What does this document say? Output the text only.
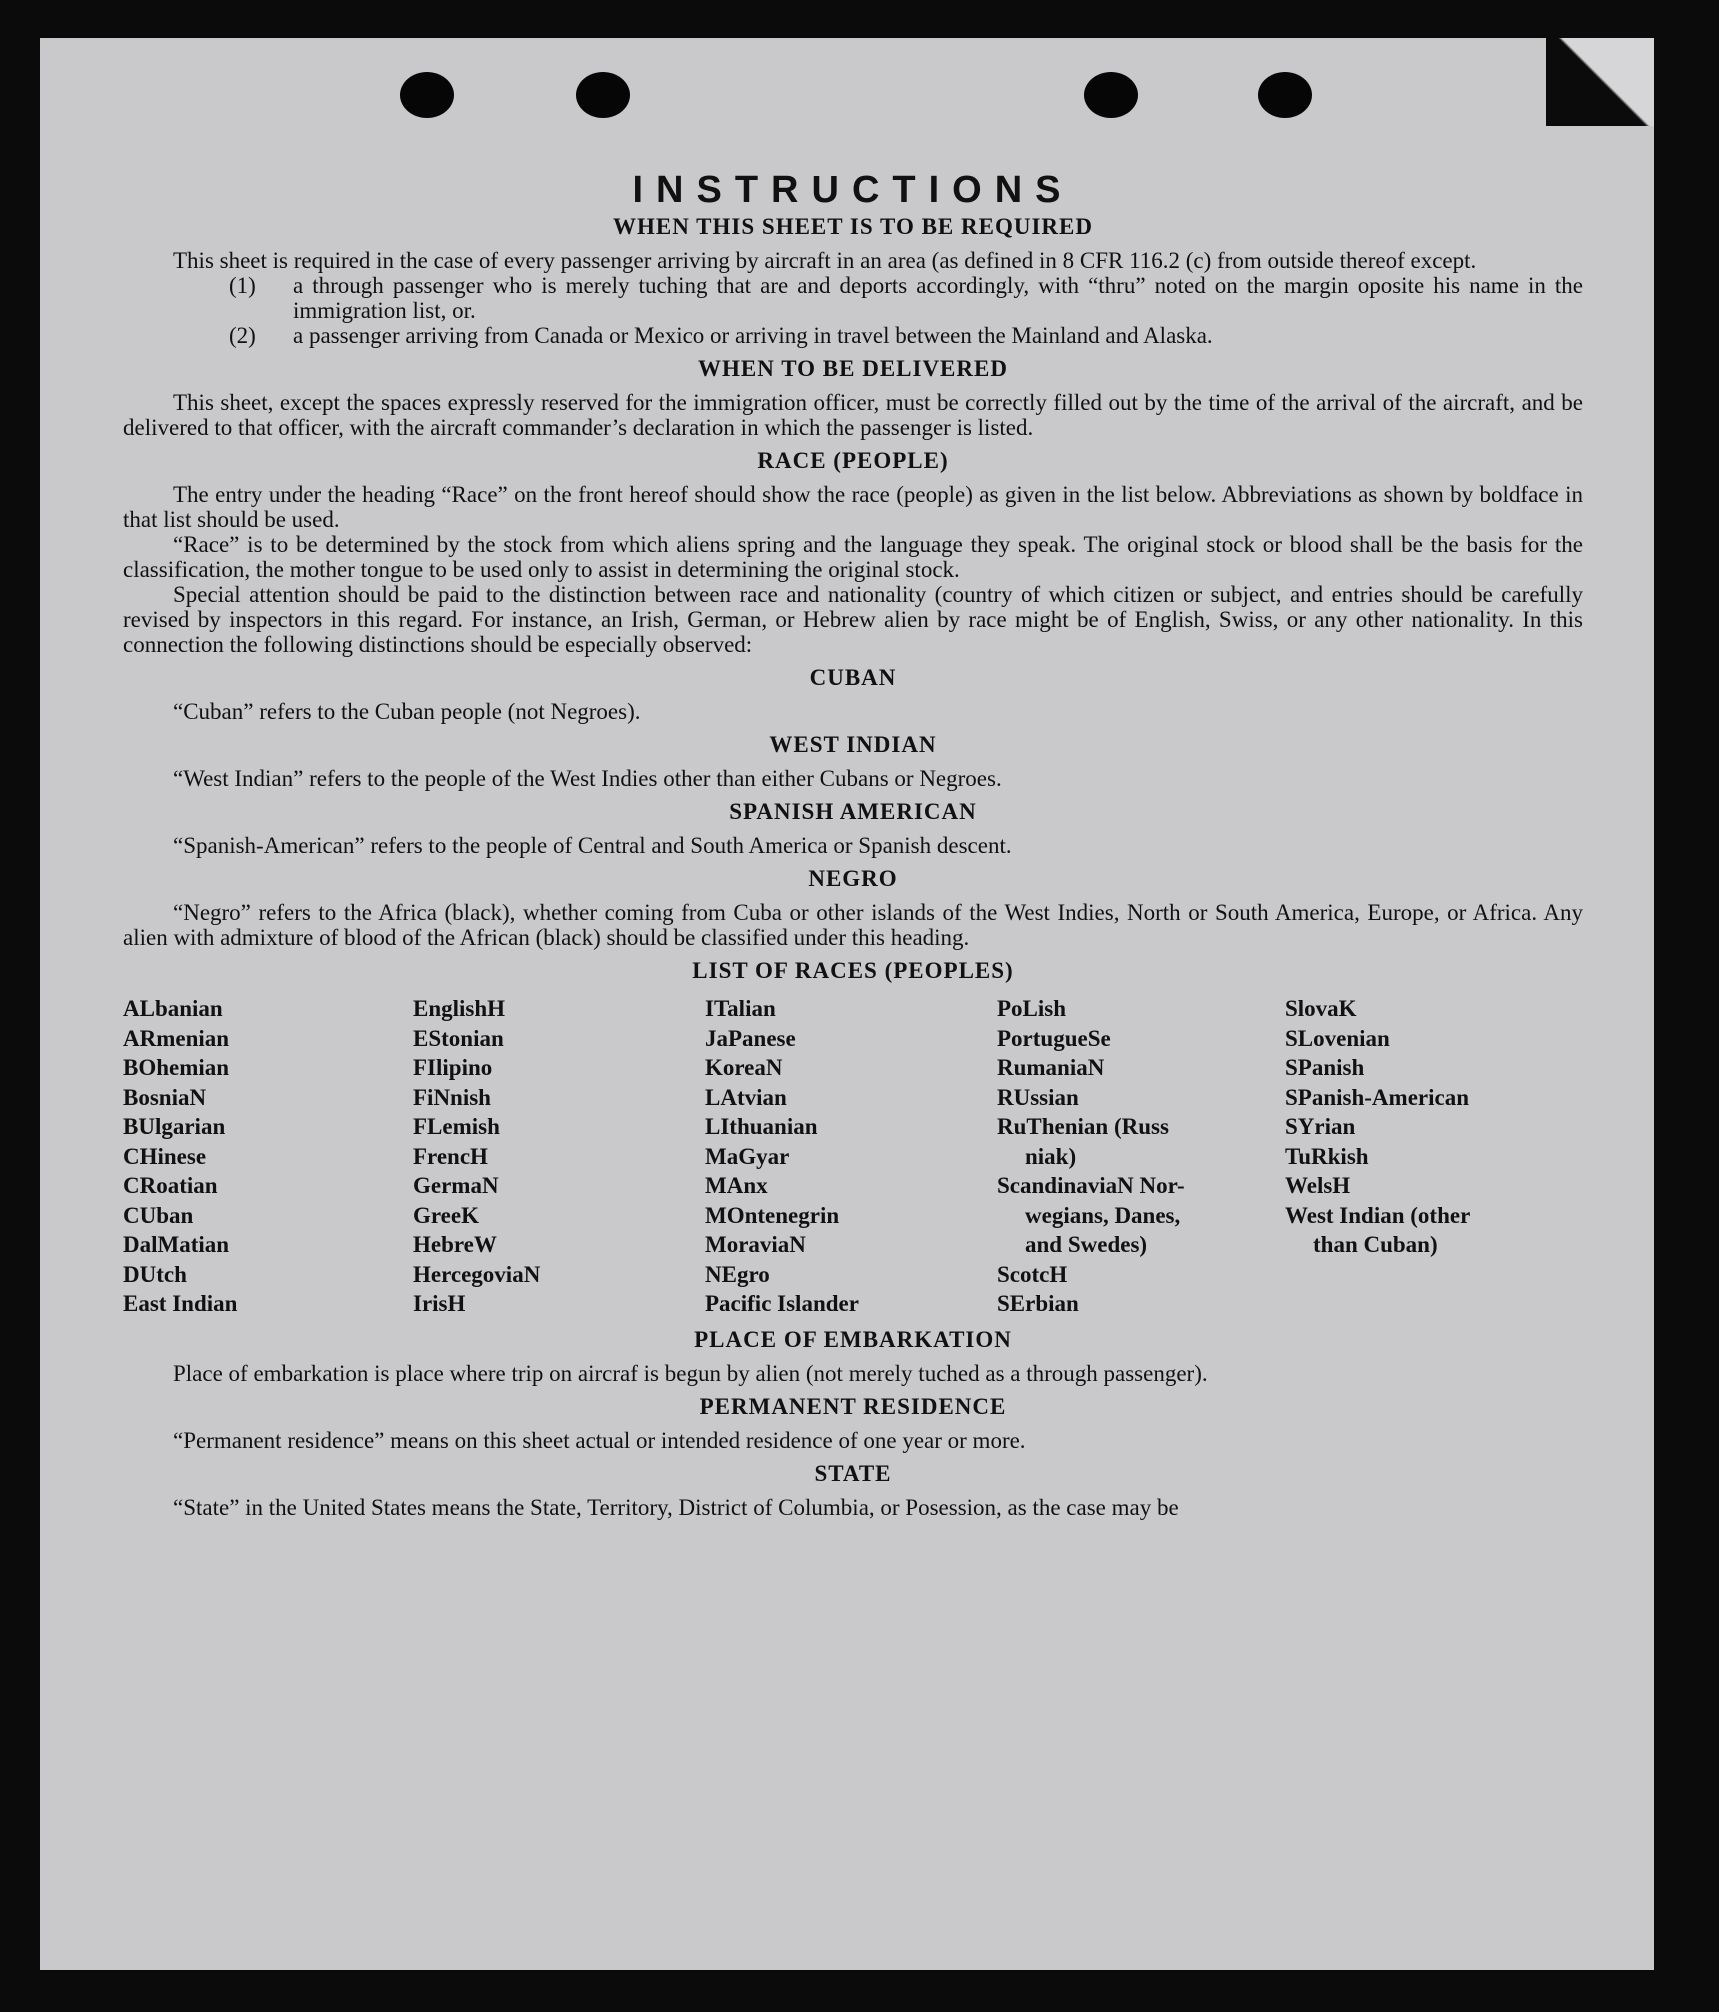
INSTRUCTIONS
WHEN THIS SHEET IS TO BE REQUIRED

This sheet is required in the case of every passenger arriving by aircraft in an area (as defined in 8 CFR 116.2 (c) from outside thereof except.

(1)	a through passenger who is merely tuching that are and deports accordingly, with “thru” noted on the margin oposite his name in the immigration list, or.
(2)	a passenger arriving from Canada or Mexico or arriving in travel between the Mainland and Alaska.
WHEN TO BE DELIVERED

This sheet, except the spaces expressly reserved for the immigration officer, must be correctly filled out by the time of the arrival of the aircraft, and be delivered to that officer, with the aircraft commander’s declaration in which the passenger is listed.

RACE (PEOPLE)

The entry under the heading “Race” on the front hereof should show the race (people) as given in the list below. Abbreviations as shown by boldface in that list should be used.

“Race” is to be determined by the stock from which aliens spring and the language they speak. The original stock or blood shall be the basis for the classification, the mother tongue to be used only to assist in determining the original stock.

Special attention should be paid to the distinction between race and nationality (country of which citizen or subject, and entries should be carefully revised by inspectors in this regard. For instance, an Irish, German, or Hebrew alien by race might be of English, Swiss, or any other nationality. In this connection the following distinctions should be especially observed:

CUBAN

“Cuban” refers to the Cuban people (not Negroes).

WEST INDIAN

“West Indian” refers to the people of the West Indies other than either Cubans or Negroes.

SPANISH AMERICAN

“Spanish-American” refers to the people of Central and South America or Spanish descent.

NEGRO

“Negro” refers to the Africa (black), whether coming from Cuba or other islands of the West Indies, North or South America, Europe, or Africa. Any alien with admixture of blood of the African (black) should be classified under this heading.

LIST OF RACES (PEOPLES)
ALbanian
ARmenian
BOhemian
BosniaN
BUlgarian
CHinese
CRoatian
CUban
DalMatian
DUtch
East Indian
EnglishH
EStonian
FIlipino
FiNnish
FLemish
FrencH
GermaN
GreeK
HebreW
HercegoviaN
IrisH
ITalian
JaPanese
KoreaN
LAtvian
LIthuanian
MaGyar
MAnx
MOntenegrin
MoraviaN
NEgro
Pacific Islander
PoLish
PortugueSe
RumaniaN
RUssian
RuThenian (Russ
niak)
ScandinaviaN Nor-
wegians, Danes,
and Swedes)
ScotcH
SErbian
SlovaK
SLovenian
SPanish
SPanish-American
SYrian
TuRkish
WelsH
West Indian (other
than Cuban)
PLACE OF EMBARKATION

Place of embarkation is place where trip on aircraf is begun by alien (not merely tuched as a through passenger).

PERMANENT RESIDENCE

“Permanent residence” means on this sheet actual or intended residence of one year or more.

STATE

“State” in the United States means the State, Territory, District of Columbia, or Posession, as the case may be
